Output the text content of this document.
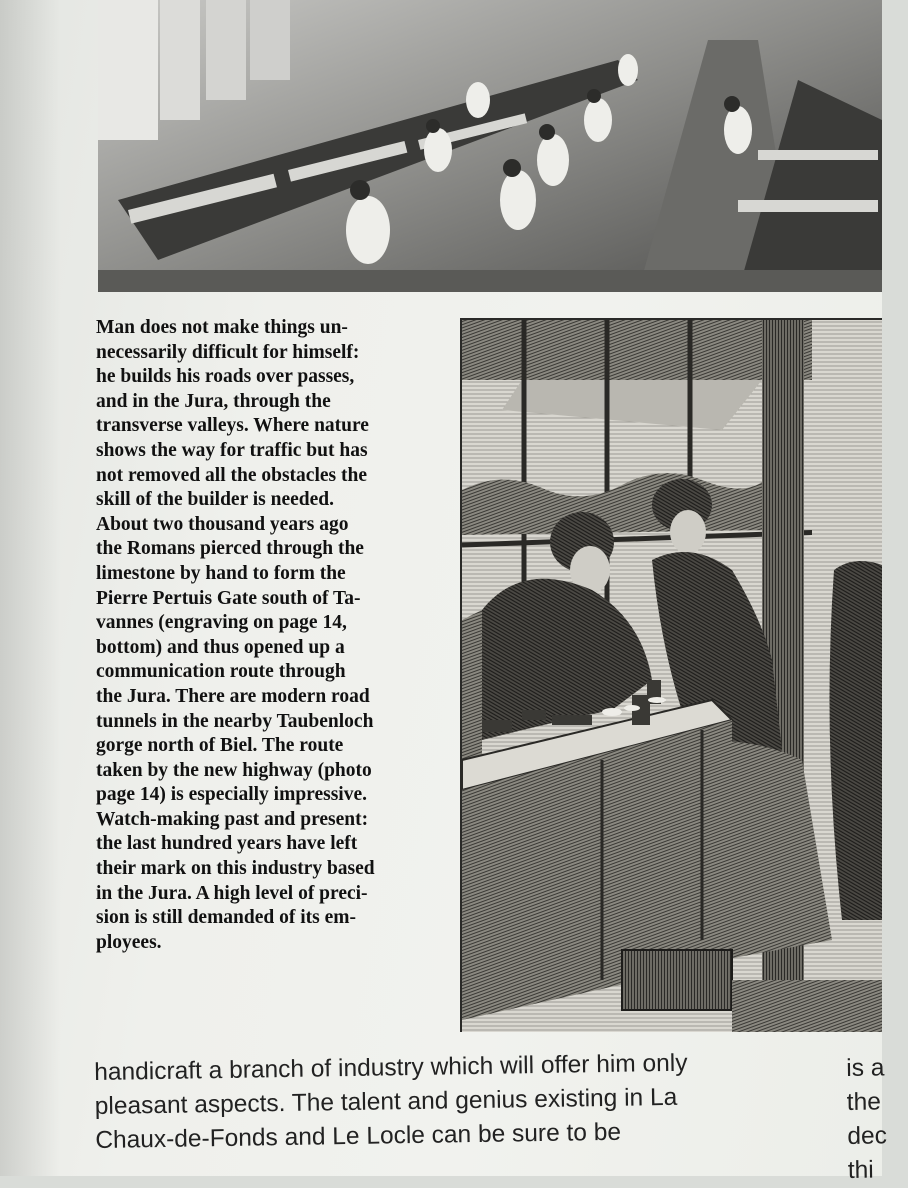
Man does not make things un-
necessarily difficult for himself:
he builds his roads over passes,
and in the Jura, through the
transverse valleys. Where nature
shows the way for traffic but has
not removed all the obstacles the
skill of the builder is needed.
About two thousand years ago
the Romans pierced through the
limestone by hand to form the
Pierre Pertuis Gate south of Ta-
vannes (engraving on page 14,
bottom) and thus opened up a
communication route through
the Jura. There are modern road
tunnels in the nearby Taubenloch
gorge north of Biel. The route
taken by the new highway (photo
page 14) is especially impressive.
Watch-making past and present:
the last hundred years have left
their mark on this industry based
in the Jura. A high level of preci-
sion is still demanded of its em-
ployees.
handicraft a branch of industry which will offer him only
pleasant aspects. The talent and genius existing in La
Chaux-de-Fonds and Le Locle can be sure to be
is a
the
dec
thi
